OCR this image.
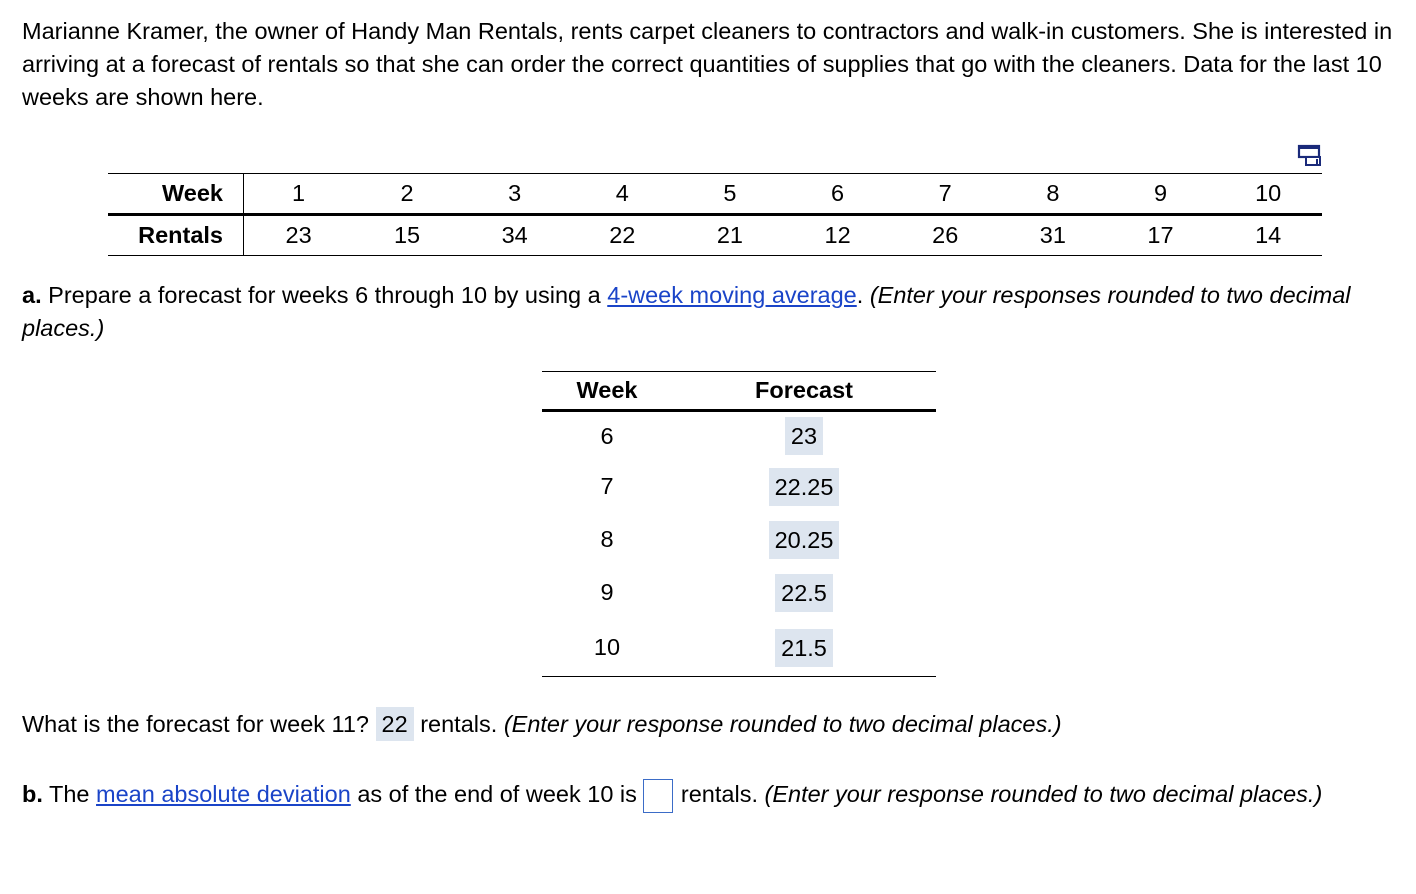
Marianne Kramer, the owner of Handy Man Rentals, rents carpet cleaners to contractors and walk-in customers. She is interested in arriving at a forecast of rentals so that she can order the correct quantities of supplies that go with the cleaners. Data for the last 10 weeks are shown here.

Week	1	2	3	4	5	6	7	8	9	10
Rentals	23	15	34	22	21	12	26	31	17	14

a. Prepare a forecast for weeks 6 through 10 by using a 4-week moving average. (Enter your responses rounded to two decimal places.)

Week	Forecast
6	23
7	22.25
8	20.25
9	22.5
10	21.5

What is the forecast for week 11? 22 rentals. (Enter your response rounded to two decimal places.)

b. The mean absolute deviation as of the end of week 10 is rentals. (Enter your response rounded to two decimal places.)
